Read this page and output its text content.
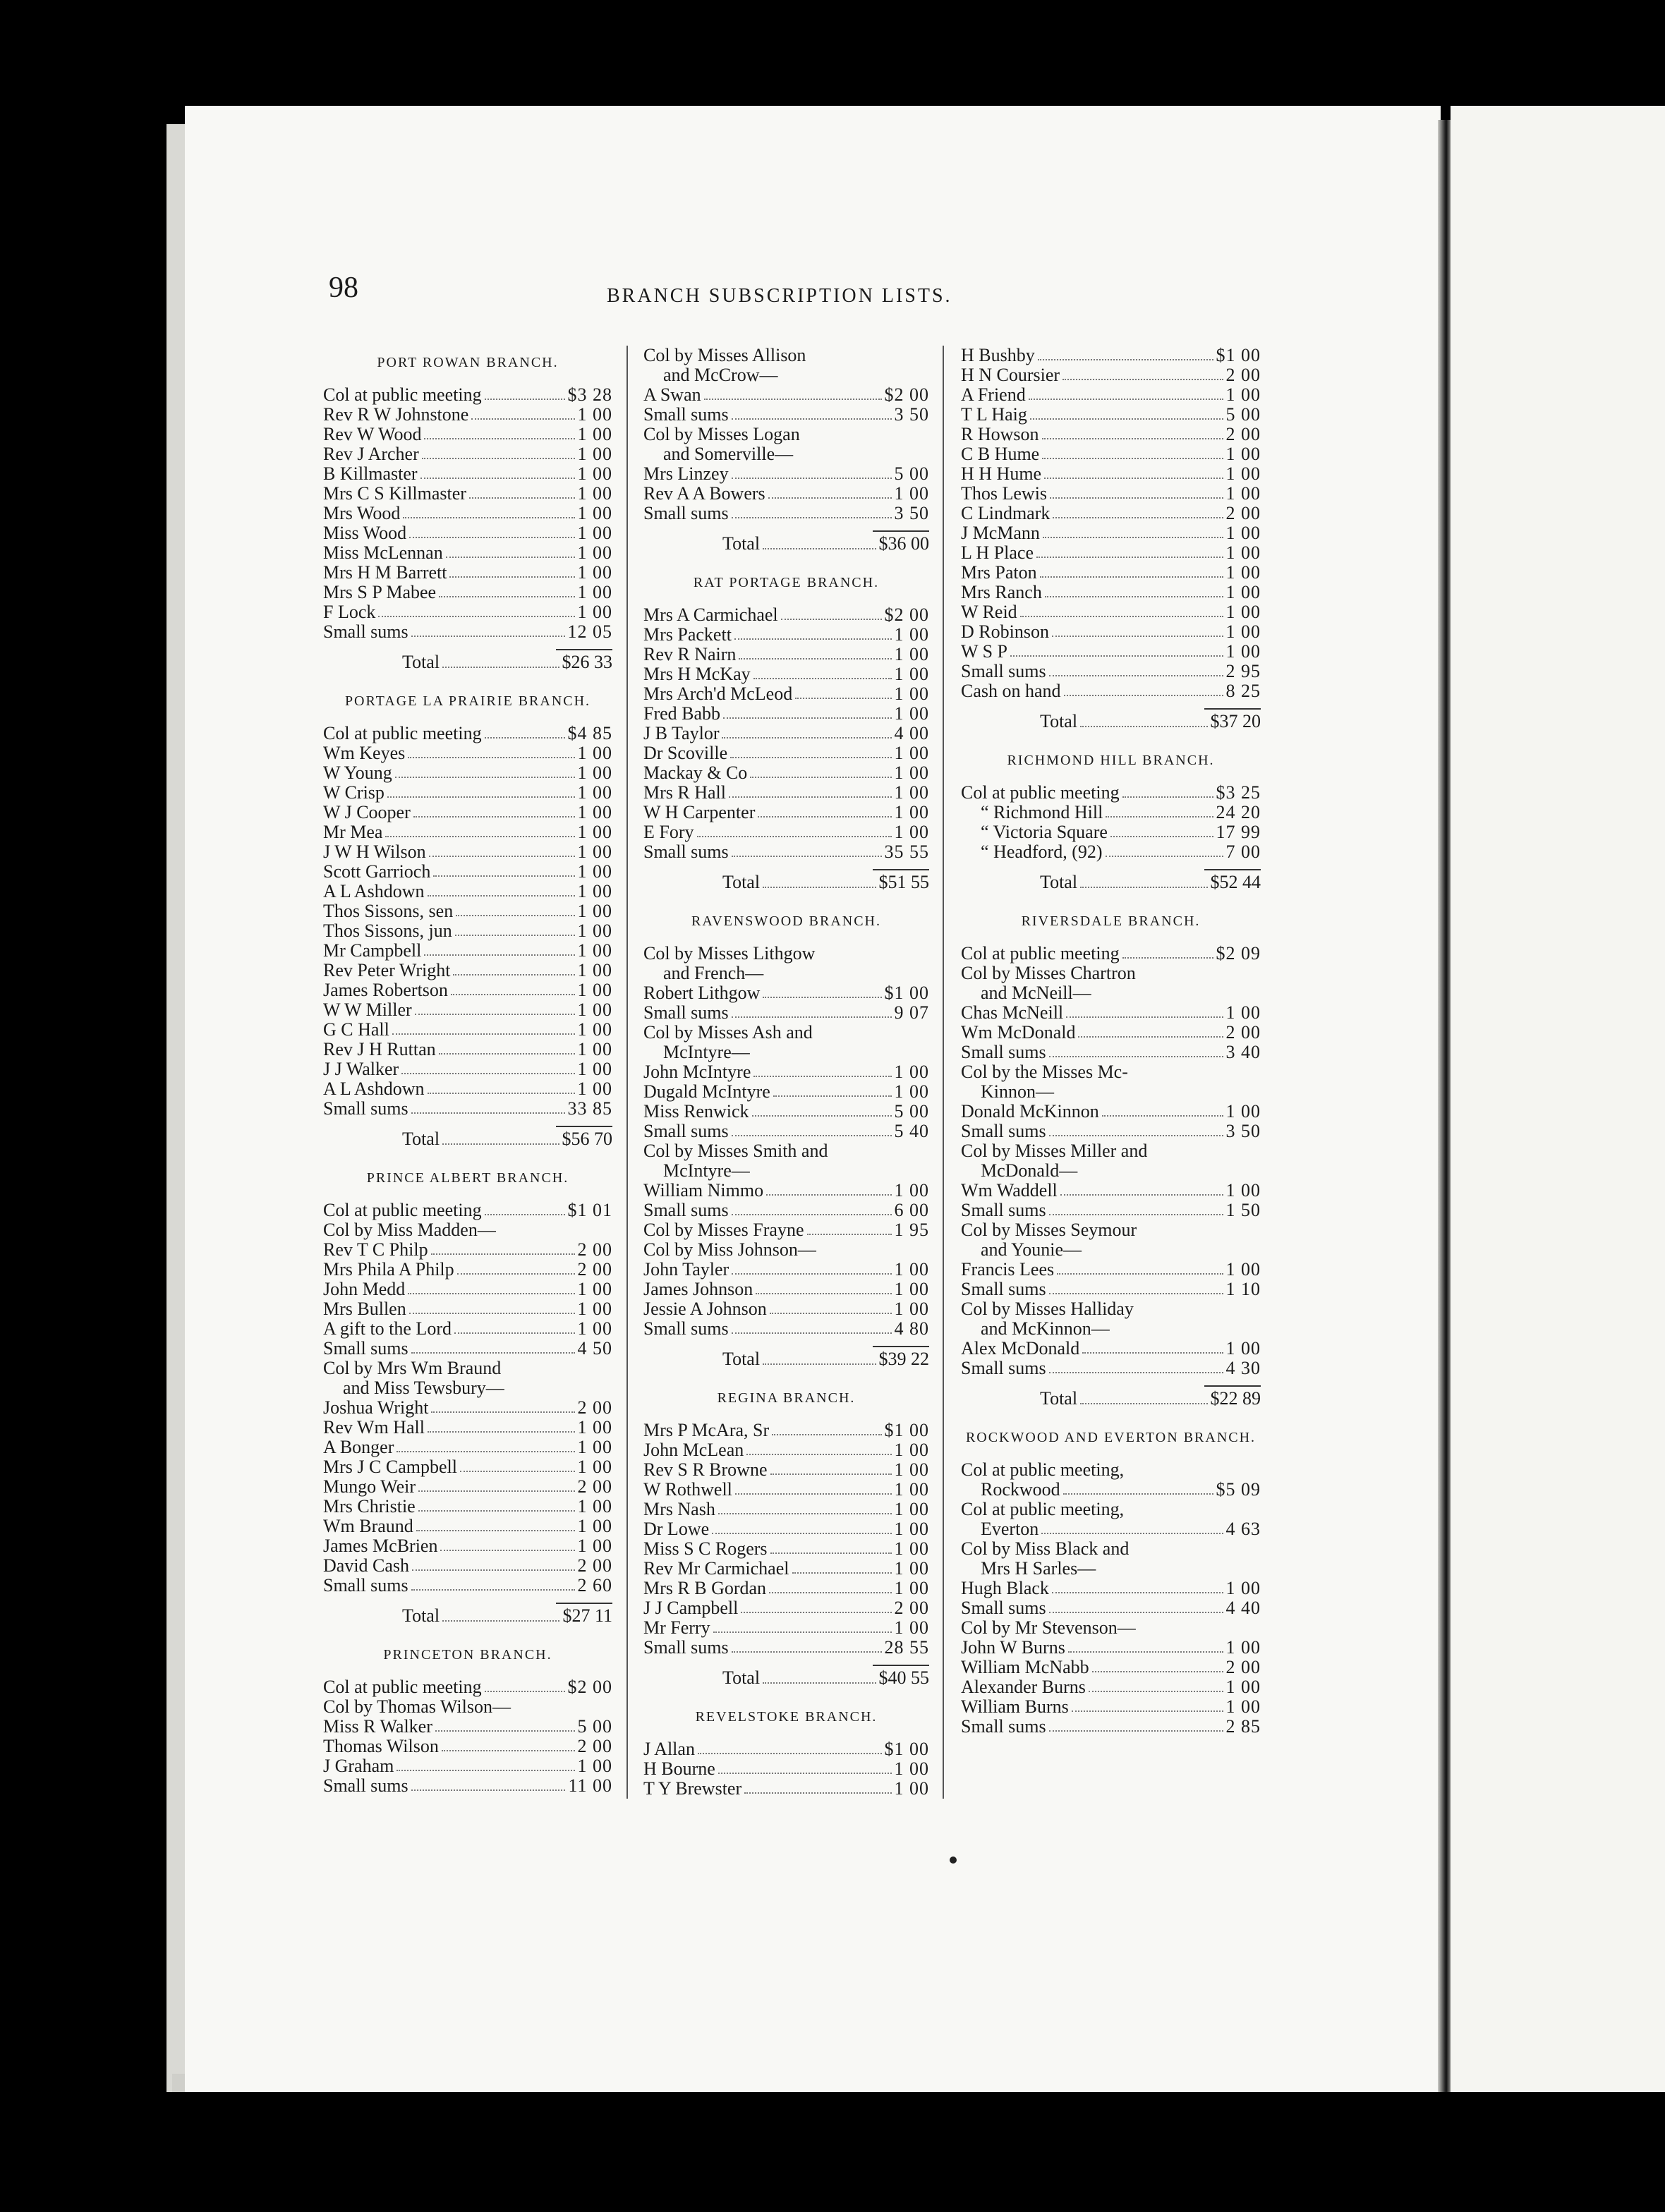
98	BRANCH SUBSCRIPTION LISTS.
PORT ROWAN BRANCH.
Col at public meeting	$3 28
Rev R W Johnstone	1 00
Rev W Wood	1 00
Rev J Archer	1 00
B Killmaster	1 00
Mrs C S Killmaster	1 00
Mrs Wood	1 00
Miss Wood	1 00
Miss McLennan	1 00
Mrs H M Barrett	1 00
Mrs S P Mabee	1 00
F Lock	1 00
Small sums	12 05
Total	$26 33
PORTAGE LA PRAIRIE BRANCH.
Col at public meeting	$4 85
Wm Keyes	1 00
W Young	1 00
W Crisp	1 00
W J Cooper	1 00
Mr Mea	1 00
J W H Wilson	1 00
Scott Garrioch	1 00
A L Ashdown	1 00
Thos Sissons, sen	1 00
Thos Sissons, jun	1 00
Mr Campbell	1 00
Rev Peter Wright	1 00
James Robertson	1 00
W W Miller	1 00
G C Hall	1 00
Rev J H Ruttan	1 00
J J Walker	1 00
A L Ashdown	1 00
Small sums	33 85
Total	$56 70
PRINCE ALBERT BRANCH.
Col at public meeting	$1 01
Col by Miss Madden—
Rev T C Philp	2 00
Mrs Phila A Philp	2 00
John Medd	1 00
Mrs Bullen	1 00
A gift to the Lord	1 00
Small sums	4 50
Col by Mrs Wm Braund
and Miss Tewsbury—
Joshua Wright	2 00
Rev Wm Hall	1 00
A Bonger	1 00
Mrs J C Campbell	1 00
Mungo Weir	2 00
Mrs Christie	1 00
Wm Braund	1 00
James McBrien	1 00
David Cash	2 00
Small sums	2 60
Total	$27 11
PRINCETON BRANCH.
Col at public meeting	$2 00
Col by Thomas Wilson—
Miss R Walker	5 00
Thomas Wilson	2 00
J Graham	1 00
Small sums	11 00
Col by Misses Allison
and McCrow—
A Swan	$2 00
Small sums	3 50
Col by Misses Logan
and Somerville—
Mrs Linzey	5 00
Rev A A Bowers	1 00
Small sums	3 50
Total	$36 00
RAT PORTAGE BRANCH.
Mrs A Carmichael	$2 00
Mrs Packett	1 00
Rev R Nairn	1 00
Mrs H McKay	1 00
Mrs Arch'd McLeod	1 00
Fred Babb	1 00
J B Taylor	4 00
Dr Scoville	1 00
Mackay & Co	1 00
Mrs R Hall	1 00
W H Carpenter	1 00
E Fory	1 00
Small sums	35 55
Total	$51 55
RAVENSWOOD BRANCH.
Col by Misses Lithgow
and French—
Robert Lithgow	$1 00
Small sums	9 07
Col by Misses Ash and
McIntyre—
John McIntyre	1 00
Dugald McIntyre	1 00
Miss Renwick	5 00
Small sums	5 40
Col by Misses Smith and
McIntyre—
William Nimmo	1 00
Small sums	6 00
Col by Misses Frayne	1 95
Col by Miss Johnson—
John Tayler	1 00
James Johnson	1 00
Jessie A Johnson	1 00
Small sums	4 80
Total	$39 22
REGINA BRANCH.
Mrs P McAra, Sr	$1 00
John McLean	1 00
Rev S R Browne	1 00
W Rothwell	1 00
Mrs Nash	1 00
Dr Lowe	1 00
Miss S C Rogers	1 00
Rev Mr Carmichael	1 00
Mrs R B Gordan	1 00
J J Campbell	2 00
Mr Ferry	1 00
Small sums	28 55
Total	$40 55
REVELSTOKE BRANCH.
J Allan	$1 00
H Bourne	1 00
T Y Brewster	1 00
H Bushby	$1 00
H N Coursier	2 00
A Friend	1 00
T L Haig	5 00
R Howson	2 00
C B Hume	1 00
H H Hume	1 00
Thos Lewis	1 00
C Lindmark	2 00
J McMann	1 00
L H Place	1 00
Mrs Paton	1 00
Mrs Ranch	1 00
W Reid	1 00
D Robinson	1 00
W S P	1 00
Small sums	2 95
Cash on hand	8 25
Total	$37 20
RICHMOND HILL BRANCH.
Col at public meeting	$3 25
“ Richmond Hill	24 20
“ Victoria Square	17 99
“ Headford, (92)	7 00
Total	$52 44
RIVERSDALE BRANCH.
Col at public meeting	$2 09
Col by Misses Chartron
and McNeill—
Chas McNeill	1 00
Wm McDonald	2 00
Small sums	3 40
Col by the Misses Mc-
Kinnon—
Donald McKinnon	1 00
Small sums	3 50
Col by Misses Miller and
McDonald—
Wm Waddell	1 00
Small sums	1 50
Col by Misses Seymour
and Younie—
Francis Lees	1 00
Small sums	1 10
Col by Misses Halliday
and McKinnon—
Alex McDonald	1 00
Small sums	4 30
Total	$22 89
ROCKWOOD AND EVERTON BRANCH.
Col at public meeting,
Rockwood	$5 09
Col at public meeting,
Everton	4 63
Col by Miss Black and
Mrs H Sarles—
Hugh Black	1 00
Small sums	4 40
Col by Mr Stevenson—
John W Burns	1 00
William McNabb	2 00
Alexander Burns	1 00
William Burns	1 00
Small sums	2 85
